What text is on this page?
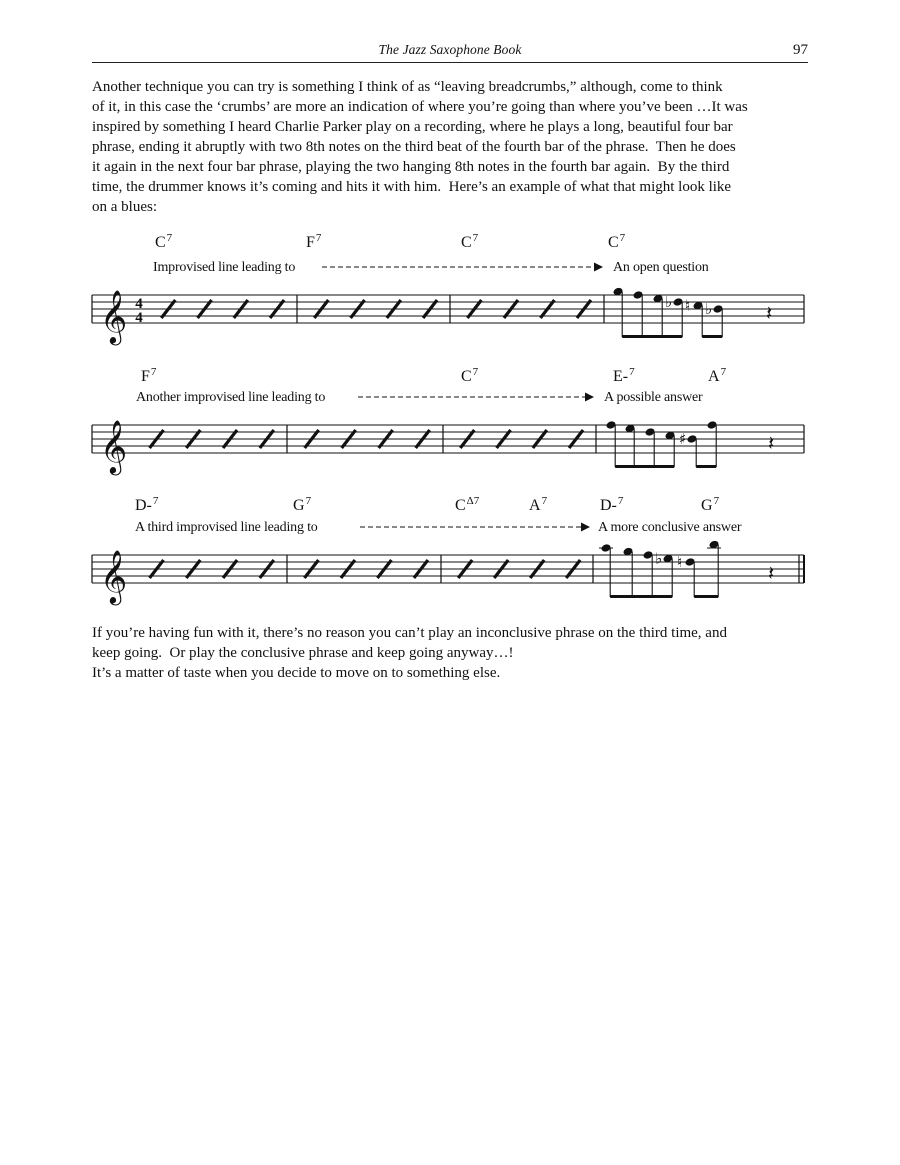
The Jazz Saxophone Book	97

Another technique you can try is something I think of as “leaving breadcrumbs,” although, come to think
of it, in this case the ‘crumbs’ are more an indication of where you’re going than where you’ve been …It was
inspired by something I heard Charlie Parker play on a recording, where he plays a long, beautiful four bar
phrase, ending it abruptly with two 8th notes on the third beat of the fourth bar of the phrase.  Then he does
it again in the next four bar phrase, playing the two hanging 8th notes in the fourth bar again.  By the third
time, the drummer knows it’s coming and hits it with him.  Here’s an example of what that might look like
on a blues:

𝄞 4
4
♭ ♮ ♭	𝄽
$C^7$	$F^7$	$C^7$	$C^7$
Improvised line leading to	An open question
𝄞	♯	𝄽
$F^7$	$C^7$	E-$^7$	$A^7$
Another improvised line leading to	A possible answer
𝄞	♭ ♮	𝄽
D-$^7$	$G^7$	$C^{\Delta 7}$	$A^7$	D-$^7$	$G^7$
A third improvised line leading to	A more conclusive answer

If you’re having fun with it, there’s no reason you can’t play an inconclusive phrase on the third time, and
keep going.  Or play the conclusive phrase and keep going anyway…!
It’s a matter of taste when you decide to move on to something else.
